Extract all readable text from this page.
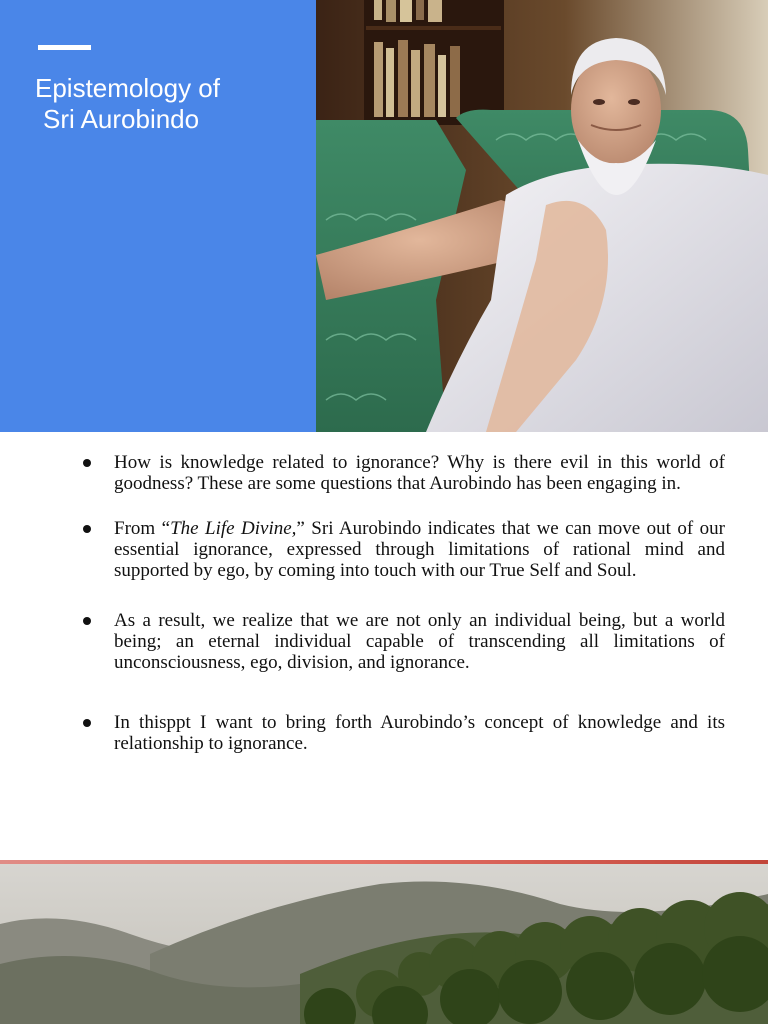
Epistemology of
Sri Aurobindo
How is knowledge related to ignorance? Why is there evil in this world of goodness? These are some questions that Aurobindo has been engaging in.
From “The Life Divine,” Sri Aurobindo indicates that we can move out of our essential ignorance, expressed through limitations of rational mind and supported by ego, by coming into touch with our True Self and Soul.
As a result, we realize that we are not only an individual being, but a world being; an eternal individual capable of transcending all limitations of unconsciousness, ego, division, and ignorance.
In thisppt I want to bring forth Aurobindo’s concept of knowledge and its relationship to ignorance.
